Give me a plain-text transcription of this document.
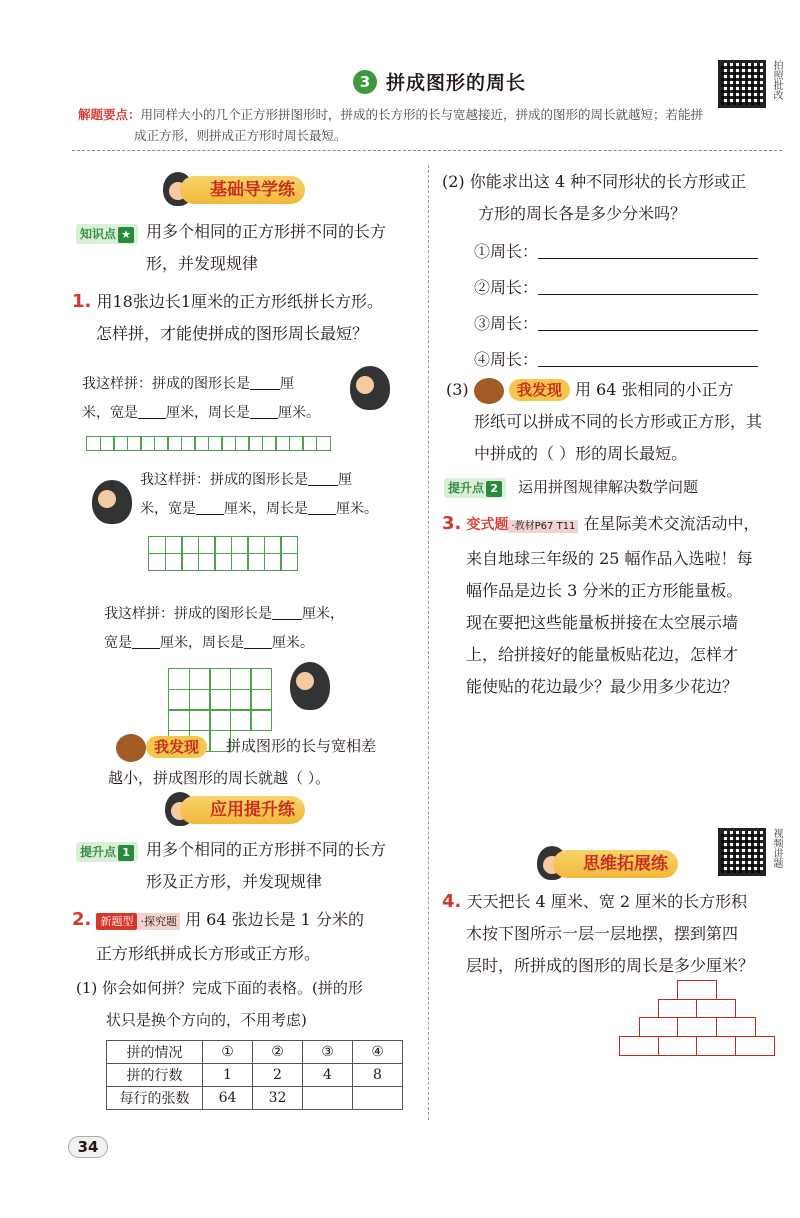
3 拼成图形的周长	拍照批改
解题要点：用同样大小的几个正方形拼图形时，拼成的长方形的长与宽越接近，拼成的图形的周长就越短；若能拼
成正方形，则拼成正方形时周长最短。
基础导学练
知识点 ★ 用多个相同的正方形拼不同的长方
形，并发现规律
1. 用18张边长1厘米的正方形纸拼长方形。
怎样拼，才能使拼成的图形周长最短？
我这样拼：拼成的图形长是 厘
米，宽是 厘米，周长是 厘米。
我这样拼：拼成的图形长是 厘
米，宽是 厘米，周长是 厘米。
我这样拼：拼成的图形长是 厘米，
宽是 厘米，周长是 厘米。
我发现	拼成图形的长与宽相差
越小，拼成图形的周长就越（ ）。
应用提升练
提升点 1	用多个相同的正方形拼不同的长方
形及正方形，并发现规律
2. 新题型 ·探究题 用 64 张边长是 1 分米的
正方形纸拼成长方形或正方形。
(1) 你会如何拼？完成下面的表格。(拼的形
状只是换个方向的，不用考虑)
拼的情况	①	②	③	④
拼的行数	1	2	4	8
每行的张数	64	32		
34
(2) 你能求出这 4 种不同形状的长方形或正
方形的周长各是多少分米吗？
①周长：
②周长：
③周长：
④周长：
(3)	我发现 用 64 张相同的小正方
形纸可以拼成不同的长方形或正方形，其
中拼成的（ ）形的周长最短。
提升点 2	运用拼图规律解决数学问题
3. 变式题 ·教材P67 T11 在星际美术交流活动中，
来自地球三年级的 25 幅作品入选啦！每
幅作品是边长 3 分米的正方形能量板。
现在要把这些能量板拼接在太空展示墙
上，给拼接好的能量板贴花边，怎样才
能使贴的花边最少？最少用多少花边？
视频讲题
思维拓展练
4. 天天把长 4 厘米、宽 2 厘米的长方形积
木按下图所示一层一层地摆，摆到第四
层时，所拼成的图形的周长是多少厘米？
